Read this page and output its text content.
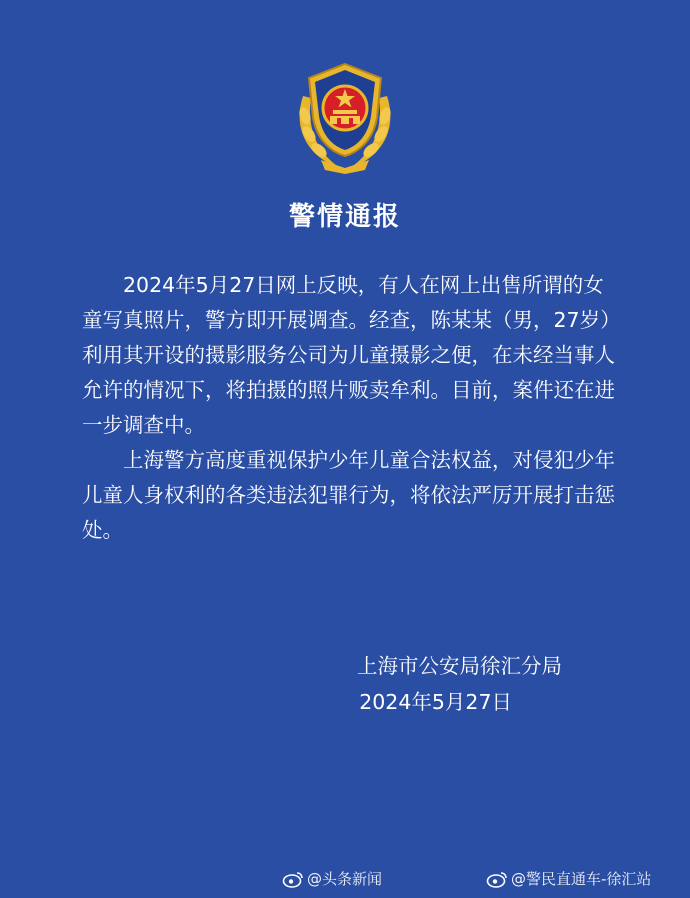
警情通报

2024年5月27日网上反映，有人在网上出售所谓的女童写真照片，警方即开展调查。经查，陈某某（男，27岁）利用其开设的摄影服务公司为儿童摄影之便，在未经当事人允许的情况下，将拍摄的照片贩卖牟利。目前，案件还在进一步调查中。

上海警方高度重视保护少年儿童合法权益，对侵犯少年儿童人身权利的各类违法犯罪行为，将依法严厉开展打击惩处。

上海市公安局徐汇分局
2024年5月27日
@头条新闻	@警民直通车-徐汇站
